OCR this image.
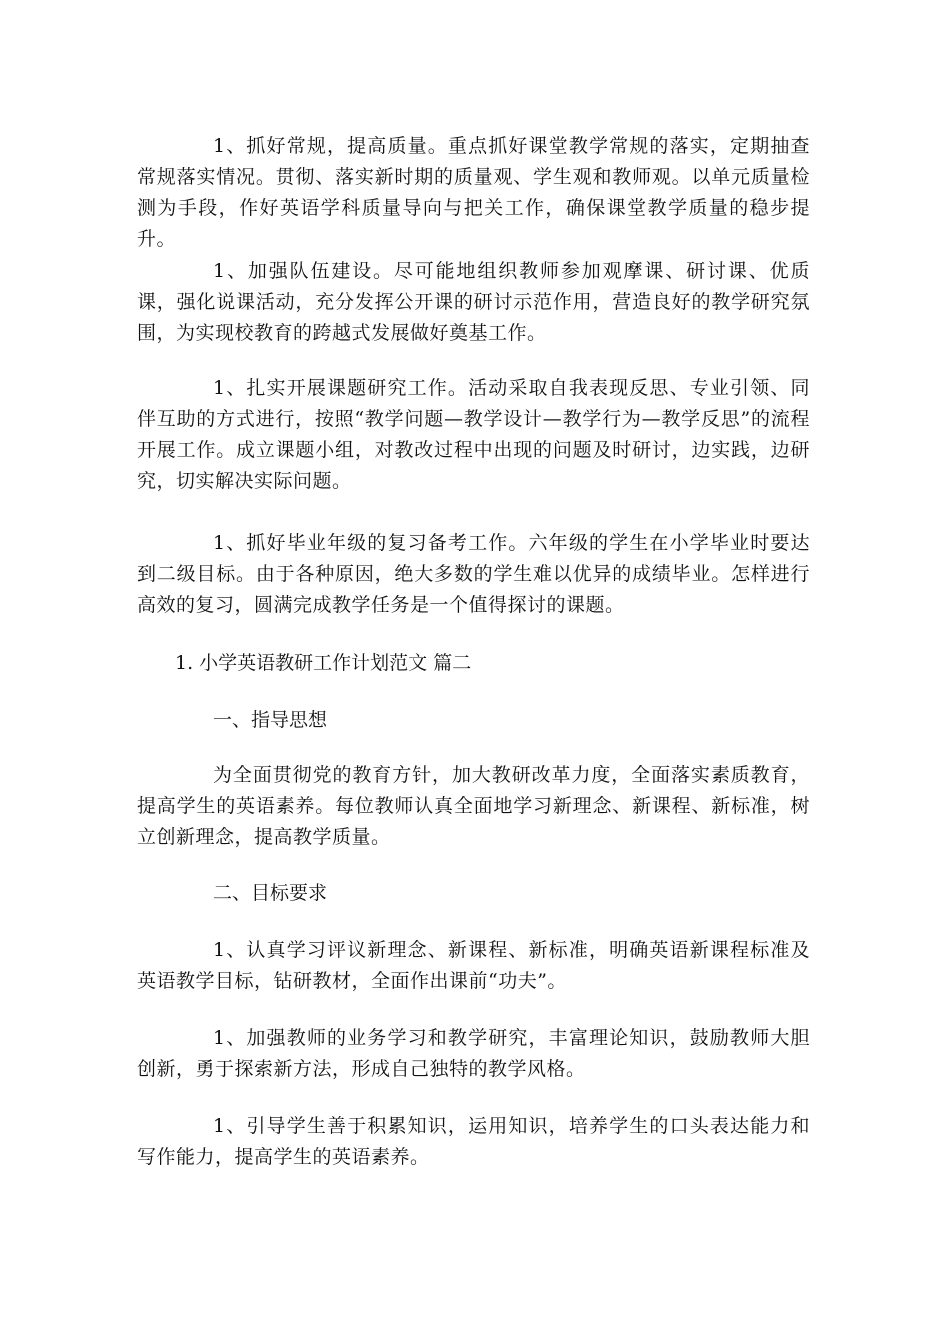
1、抓好常规，提高质量。重点抓好课堂教学常规的落实，定期抽查常规落实情况。贯彻、落实新时期的质量观、学生观和教师观。以单元质量检测为手段，作好英语学科质量导向与把关工作，确保课堂教学质量的稳步提升。

1、加强队伍建设。尽可能地组织教师参加观摩课、研讨课、优质课，强化说课活动，充分发挥公开课的研讨示范作用，营造良好的教学研究氛围，为实现校教育的跨越式发展做好奠基工作。

1、扎实开展课题研究工作。活动采取自我表现反思、专业引领、同伴互助的方式进行，按照“教学问题—教学设计—教学行为—教学反思”的流程开展工作。成立课题小组，对教改过程中出现的问题及时研讨，边实践，边研究，切实解决实际问题。

1、抓好毕业年级的复习备考工作。六年级的学生在小学毕业时要达到二级目标。由于各种原因，绝大多数的学生难以优异的成绩毕业。怎样进行高效的复习，圆满完成教学任务是一个值得探讨的课题。

1. 小学英语教研工作计划范文 篇二

一、指导思想

为全面贯彻党的教育方针，加大教研改革力度，全面落实素质教育，提高学生的英语素养。每位教师认真全面地学习新理念、新课程、新标准，树立创新理念，提高教学质量。

二、目标要求

1、认真学习评议新理念、新课程、新标准，明确英语新课程标准及英语教学目标，钻研教材，全面作出课前“功夫”。

1、加强教师的业务学习和教学研究，丰富理论知识，鼓励教师大胆创新，勇于探索新方法，形成自己独特的教学风格。

1、引导学生善于积累知识，运用知识，培养学生的口头表达能力和写作能力，提高学生的英语素养。
